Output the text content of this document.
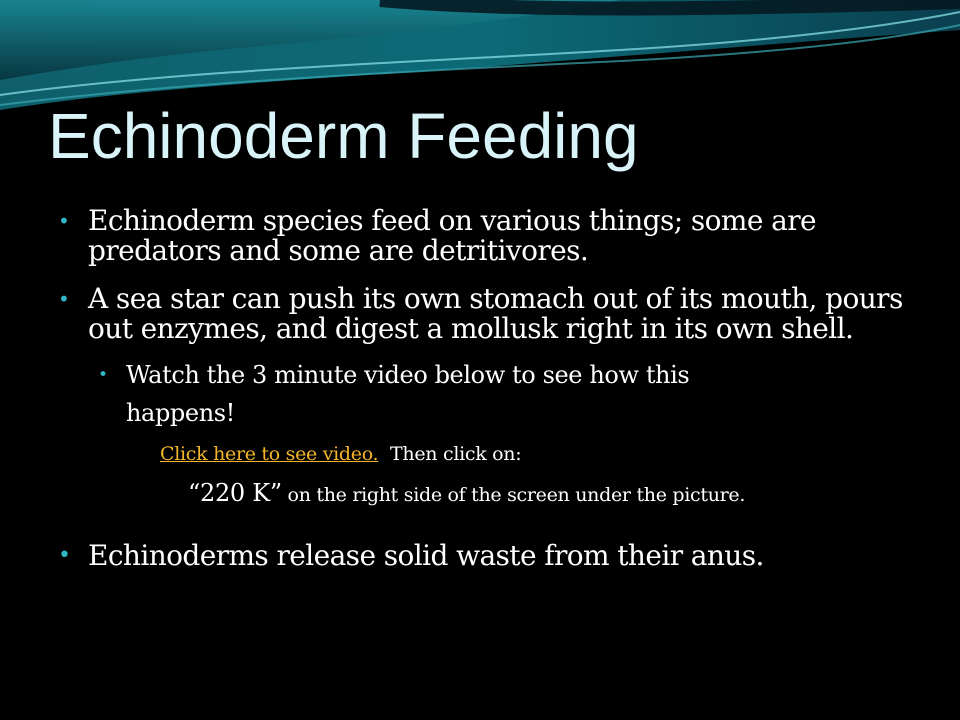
Echinoderm Feeding
• Echinoderm species feed on various things; some are predators and some are detritivores.
• A sea star can push its own stomach out of its mouth, pours out enzymes, and digest a mollusk right in its own shell.
• Watch the 3 minute video below to see how this happens!
Click here to see video. Then click on:
“220 K” on the right side of the screen under the picture.
• Echinoderms release solid waste from their anus.
